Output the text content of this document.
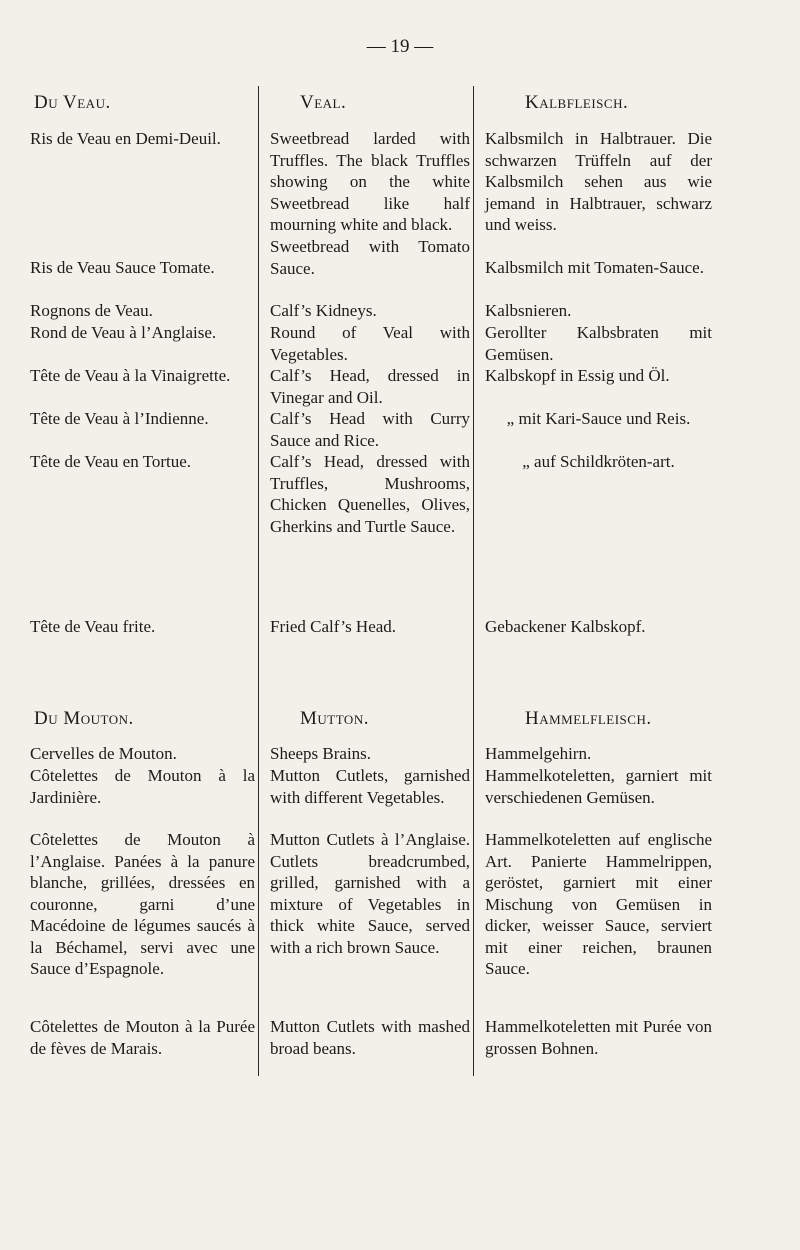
— 19 —
Du Veau.
Ris de Veau en Demi-Deuil.
Ris de Veau Sauce Tomate.
Rognons de Veau.
Rond de Veau à l’Anglaise.
Tête de Veau à la Vinaigrette.
Tête de Veau à l’Indienne.
Tête de Veau en Tortue.
Tête de Veau frite.
Du Mouton.
Cervelles de Mouton.
Côtelettes de Mouton à la Jardinière.
Côtelettes de Mouton à l’Anglaise. Panées à la panure blanche, grillées, dressées en couronne, garni d’une Macédoine de légumes saucés à la Béchamel, servi avec une Sauce d’Espagnole.
Côtelettes de Mouton à la Purée de fèves de Marais.
Veal.
Sweetbread larded with Truffles. The black Truffles showing on the white Sweetbread like half mourning white and black.
Sweetbread with Tomato Sauce.
Calf’s Kidneys.
Round of Veal with Vegetables.
Calf’s Head, dressed in Vinegar and Oil.
Calf’s Head with Curry Sauce and Rice.
Calf’s Head, dressed with Truffles, Mushrooms, Chicken Quenelles, Olives, Gherkins and Turtle Sauce.
Fried Calf’s Head.
Mutton.
Sheeps Brains.
Mutton Cutlets, garnished with different Vegetables.
Mutton Cutlets à l’Anglaise. Cutlets breadcrumbed, grilled, garnished with a mixture of Vegetables in thick white Sauce, served with a rich brown Sauce.
Mutton Cutlets with mashed broad beans.
Kalbfleisch.
Kalbsmilch in Halbtrauer. Die schwarzen Trüffeln auf der Kalbsmilch sehen aus wie jemand in Halbtrauer, schwarz und weiss.
Kalbsmilch mit Tomaten-Sauce.
Kalbsnieren.
Gerollter Kalbsbraten mit Gemüsen.
Kalbskopf in Essig und Öl.
„ mit Kari-Sauce und Reis.
„ auf Schildkröten-art.
Gebackener Kalbskopf.
Hammelfleisch.
Hammelgehirn.
Hammelkoteletten, garniert mit verschiedenen Gemüsen.
Hammelkoteletten auf englische Art. Panierte Hammelrippen, geröstet, garniert mit einer Mischung von Gemüsen in dicker, weisser Sauce, serviert mit einer reichen, braunen Sauce.
Hammelkoteletten mit Purée von grossen Bohnen.
